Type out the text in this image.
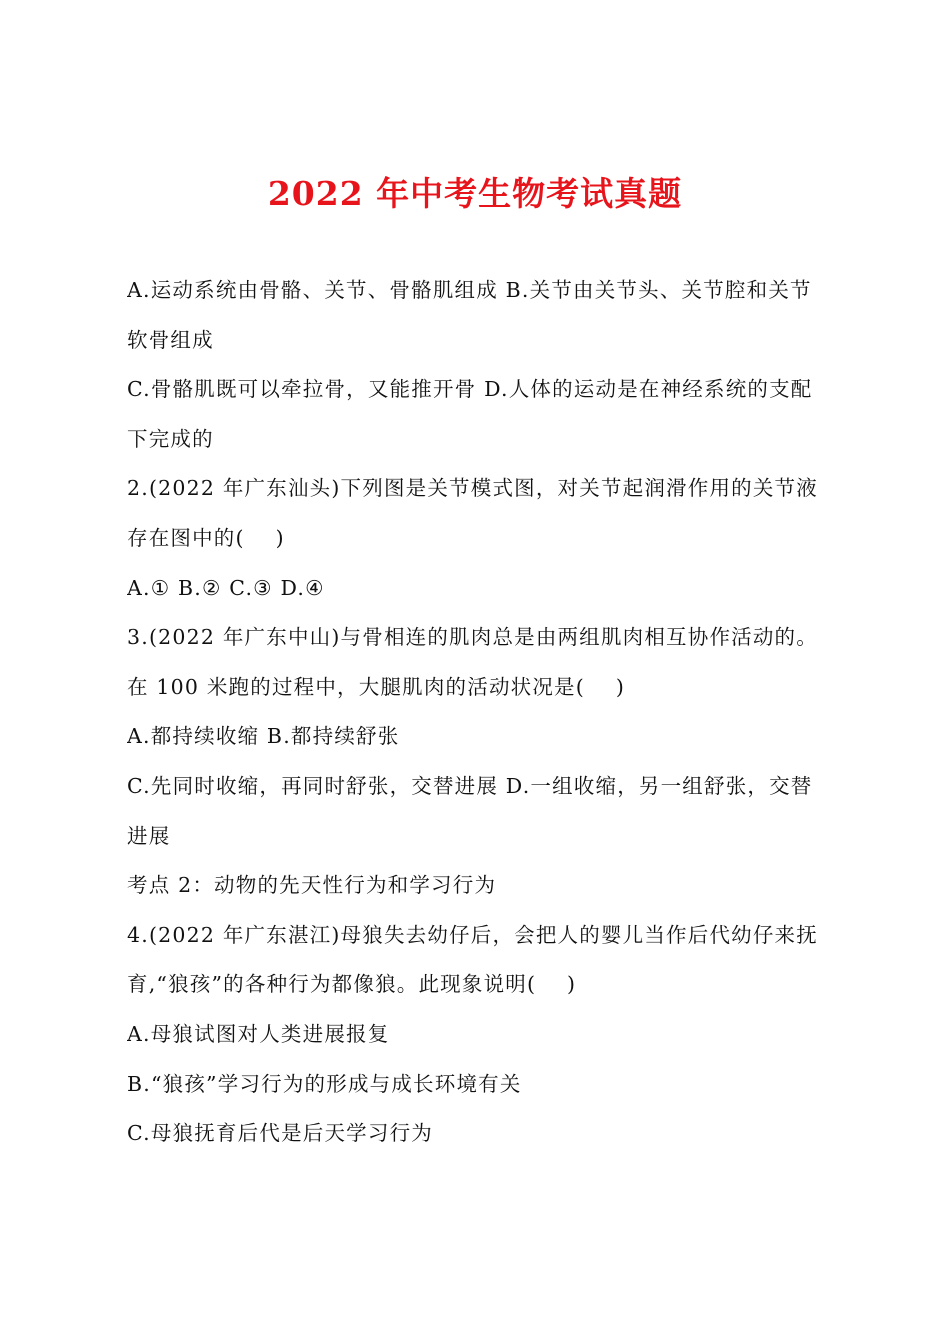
2022 年中考生物考试真题
A.运动系统由骨骼、关节、骨骼肌组成 B.关节由关节头、关节腔和关节
软骨组成
C.骨骼肌既可以牵拉骨，又能推开骨 D.人体的运动是在神经系统的支配
下完成的
2.(2022 年广东汕头)下列图是关节模式图，对关节起润滑作用的关节液
存在图中的(    )
A.① B.② C.③ D.④
3.(2022 年广东中山)与骨相连的肌肉总是由两组肌肉相互协作活动的。
在 100 米跑的过程中，大腿肌肉的活动状况是(    )
A.都持续收缩 B.都持续舒张
C.先同时收缩，再同时舒张，交替进展 D.一组收缩，另一组舒张，交替
进展
考点 2：动物的先天性行为和学习行为
4.(2022 年广东湛江)母狼失去幼仔后，会把人的婴儿当作后代幼仔来抚
育,“狼孩”的各种行为都像狼。此现象说明(    )
A.母狼试图对人类进展报复
B.“狼孩”学习行为的形成与成长环境有关
C.母狼抚育后代是后天学习行为
